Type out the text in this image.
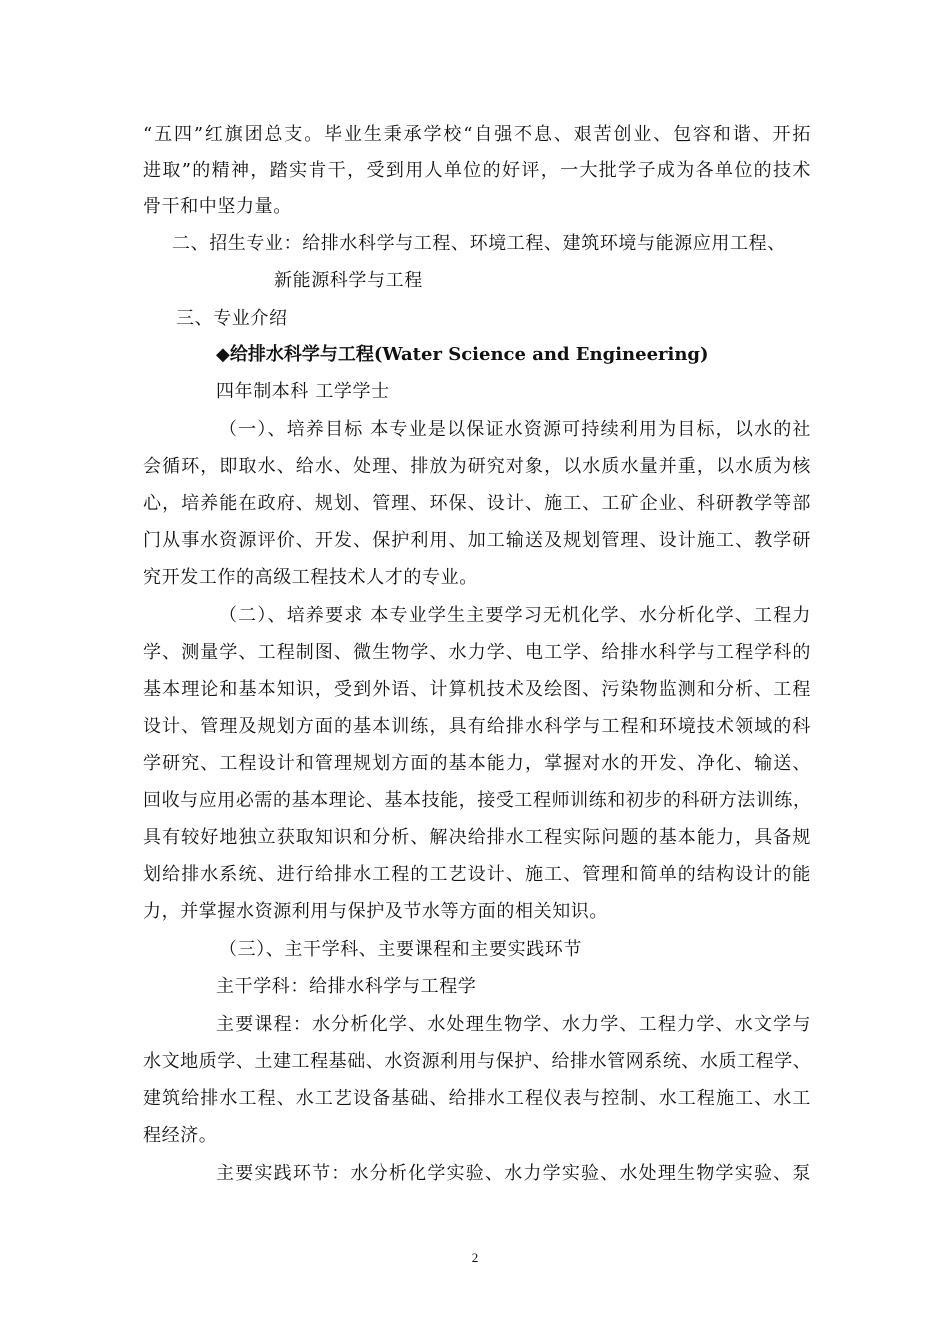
“五四”红旗团总支。毕业生秉承学校“自强不息、艰苦创业、包容和谐、开拓
进取”的精神，踏实肯干，受到用人单位的好评，一大批学子成为各单位的技术
骨干和中坚力量。
二、招生专业：给排水科学与工程、环境工程、建筑环境与能源应用工程、
新能源科学与工程
三、专业介绍
◆给排水科学与工程(Water Science and Engineering)
四年制本科 工学学士
（一）、培养目标 本专业是以保证水资源可持续利用为目标，以水的社
会循环，即取水、给水、处理、排放为研究对象，以水质水量并重，以水质为核
心，培养能在政府、规划、管理、环保、设计、施工、工矿企业、科研教学等部
门从事水资源评价、开发、保护利用、加工输送及规划管理、设计施工、教学研
究开发工作的高级工程技术人才的专业。
（二）、培养要求 本专业学生主要学习无机化学、水分析化学、工程力
学、测量学、工程制图、微生物学、水力学、电工学、给排水科学与工程学科的
基本理论和基本知识，受到外语、计算机技术及绘图、污染物监测和分析、工程
设计、管理及规划方面的基本训练，具有给排水科学与工程和环境技术领域的科
学研究、工程设计和管理规划方面的基本能力，掌握对水的开发、净化、输送、
回收与应用必需的基本理论、基本技能，接受工程师训练和初步的科研方法训练，
具有较好地独立获取知识和分析、解决给排水工程实际问题的基本能力，具备规
划给排水系统、进行给排水工程的工艺设计、施工、管理和简单的结构设计的能
力，并掌握水资源利用与保护及节水等方面的相关知识。
（三）、主干学科、主要课程和主要实践环节
主干学科：给排水科学与工程学
主要课程：水分析化学、水处理生物学、水力学、工程力学、水文学与
水文地质学、土建工程基础、水资源利用与保护、给排水管网系统、水质工程学、
建筑给排水工程、水工艺设备基础、给排水工程仪表与控制、水工程施工、水工
程经济。
主要实践环节：水分析化学实验、水力学实验、水处理生物学实验、泵
2
